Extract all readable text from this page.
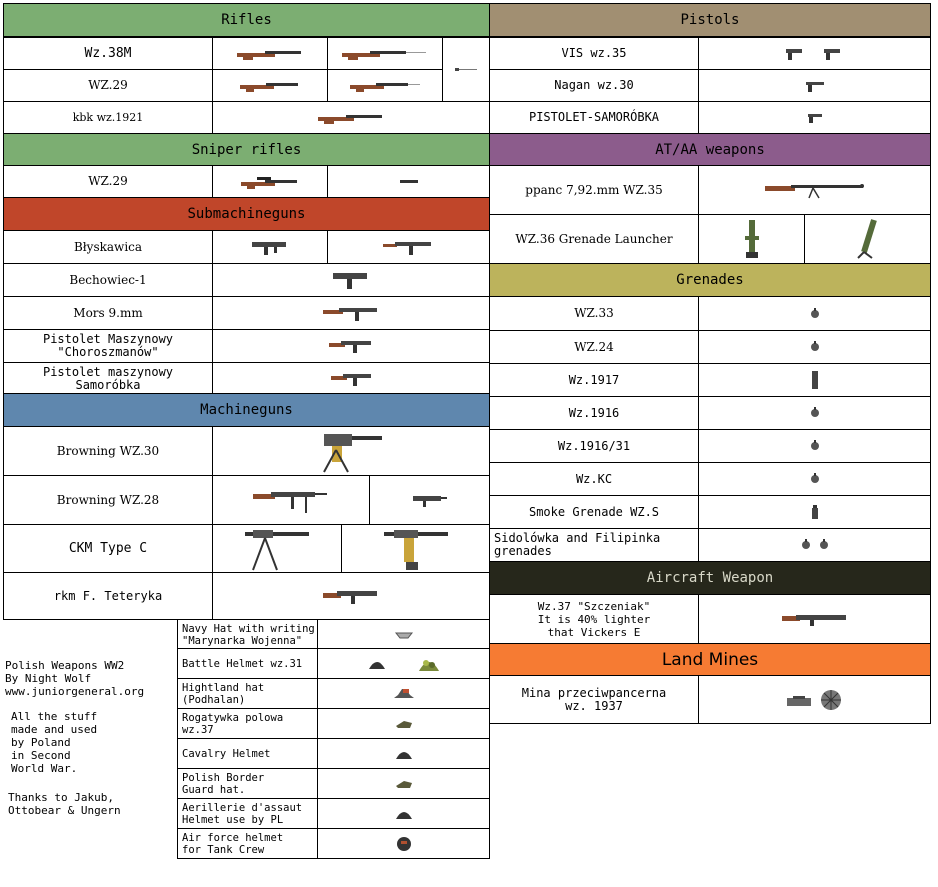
Rifles
Wz.38M
WZ.29
kbk wz.1921
Sniper rifles
WZ.29
Submachineguns
Błyskawica
Bechowiec-1
Mors 9.mm
Pistolet Maszynowy
"Choroszmanów"
Pistolet maszynowy
Samoróbka
Machineguns
Browning WZ.30
Browning WZ.28
CKM Type C
rkm F. Teteryka

Polish Weapons WW2
By Night Wolf
www.juniorgeneral.org

All the stuff
made and used
by Poland
in Second
World War.

Thanks to Jakub,
Ottobear & Ungern

Navy Hat with writing
"Marynarka Wojenna"
Battle Helmet wz.31
Hightland hat
(Podhalan)
Rogatywka polowa
wz.37
Cavalry Helmet
Polish Border
Guard hat.
Aerillerie d'assaut
Helmet use by PL
Air force helmet
for Tank Crew
Pistols
VIS wz.35
Nagan wz.30
PISTOLET-SAMORÓBKA
AT/AA weapons
ppanc 7,92.mm WZ.35
WZ.36 Grenade Launcher
Grenades
WZ.33
WZ.24
Wz.1917
Wz.1916
Wz.1916/31
Wz.KC
Smoke Grenade WZ.S
Sidolówka and Filipinka
grenades
Aircraft Weapon
Wz.37 "Szczeniak"
It is 40% lighter
that Vickers E
Land Mines
Mina przeciwpancerna
wz. 1937
